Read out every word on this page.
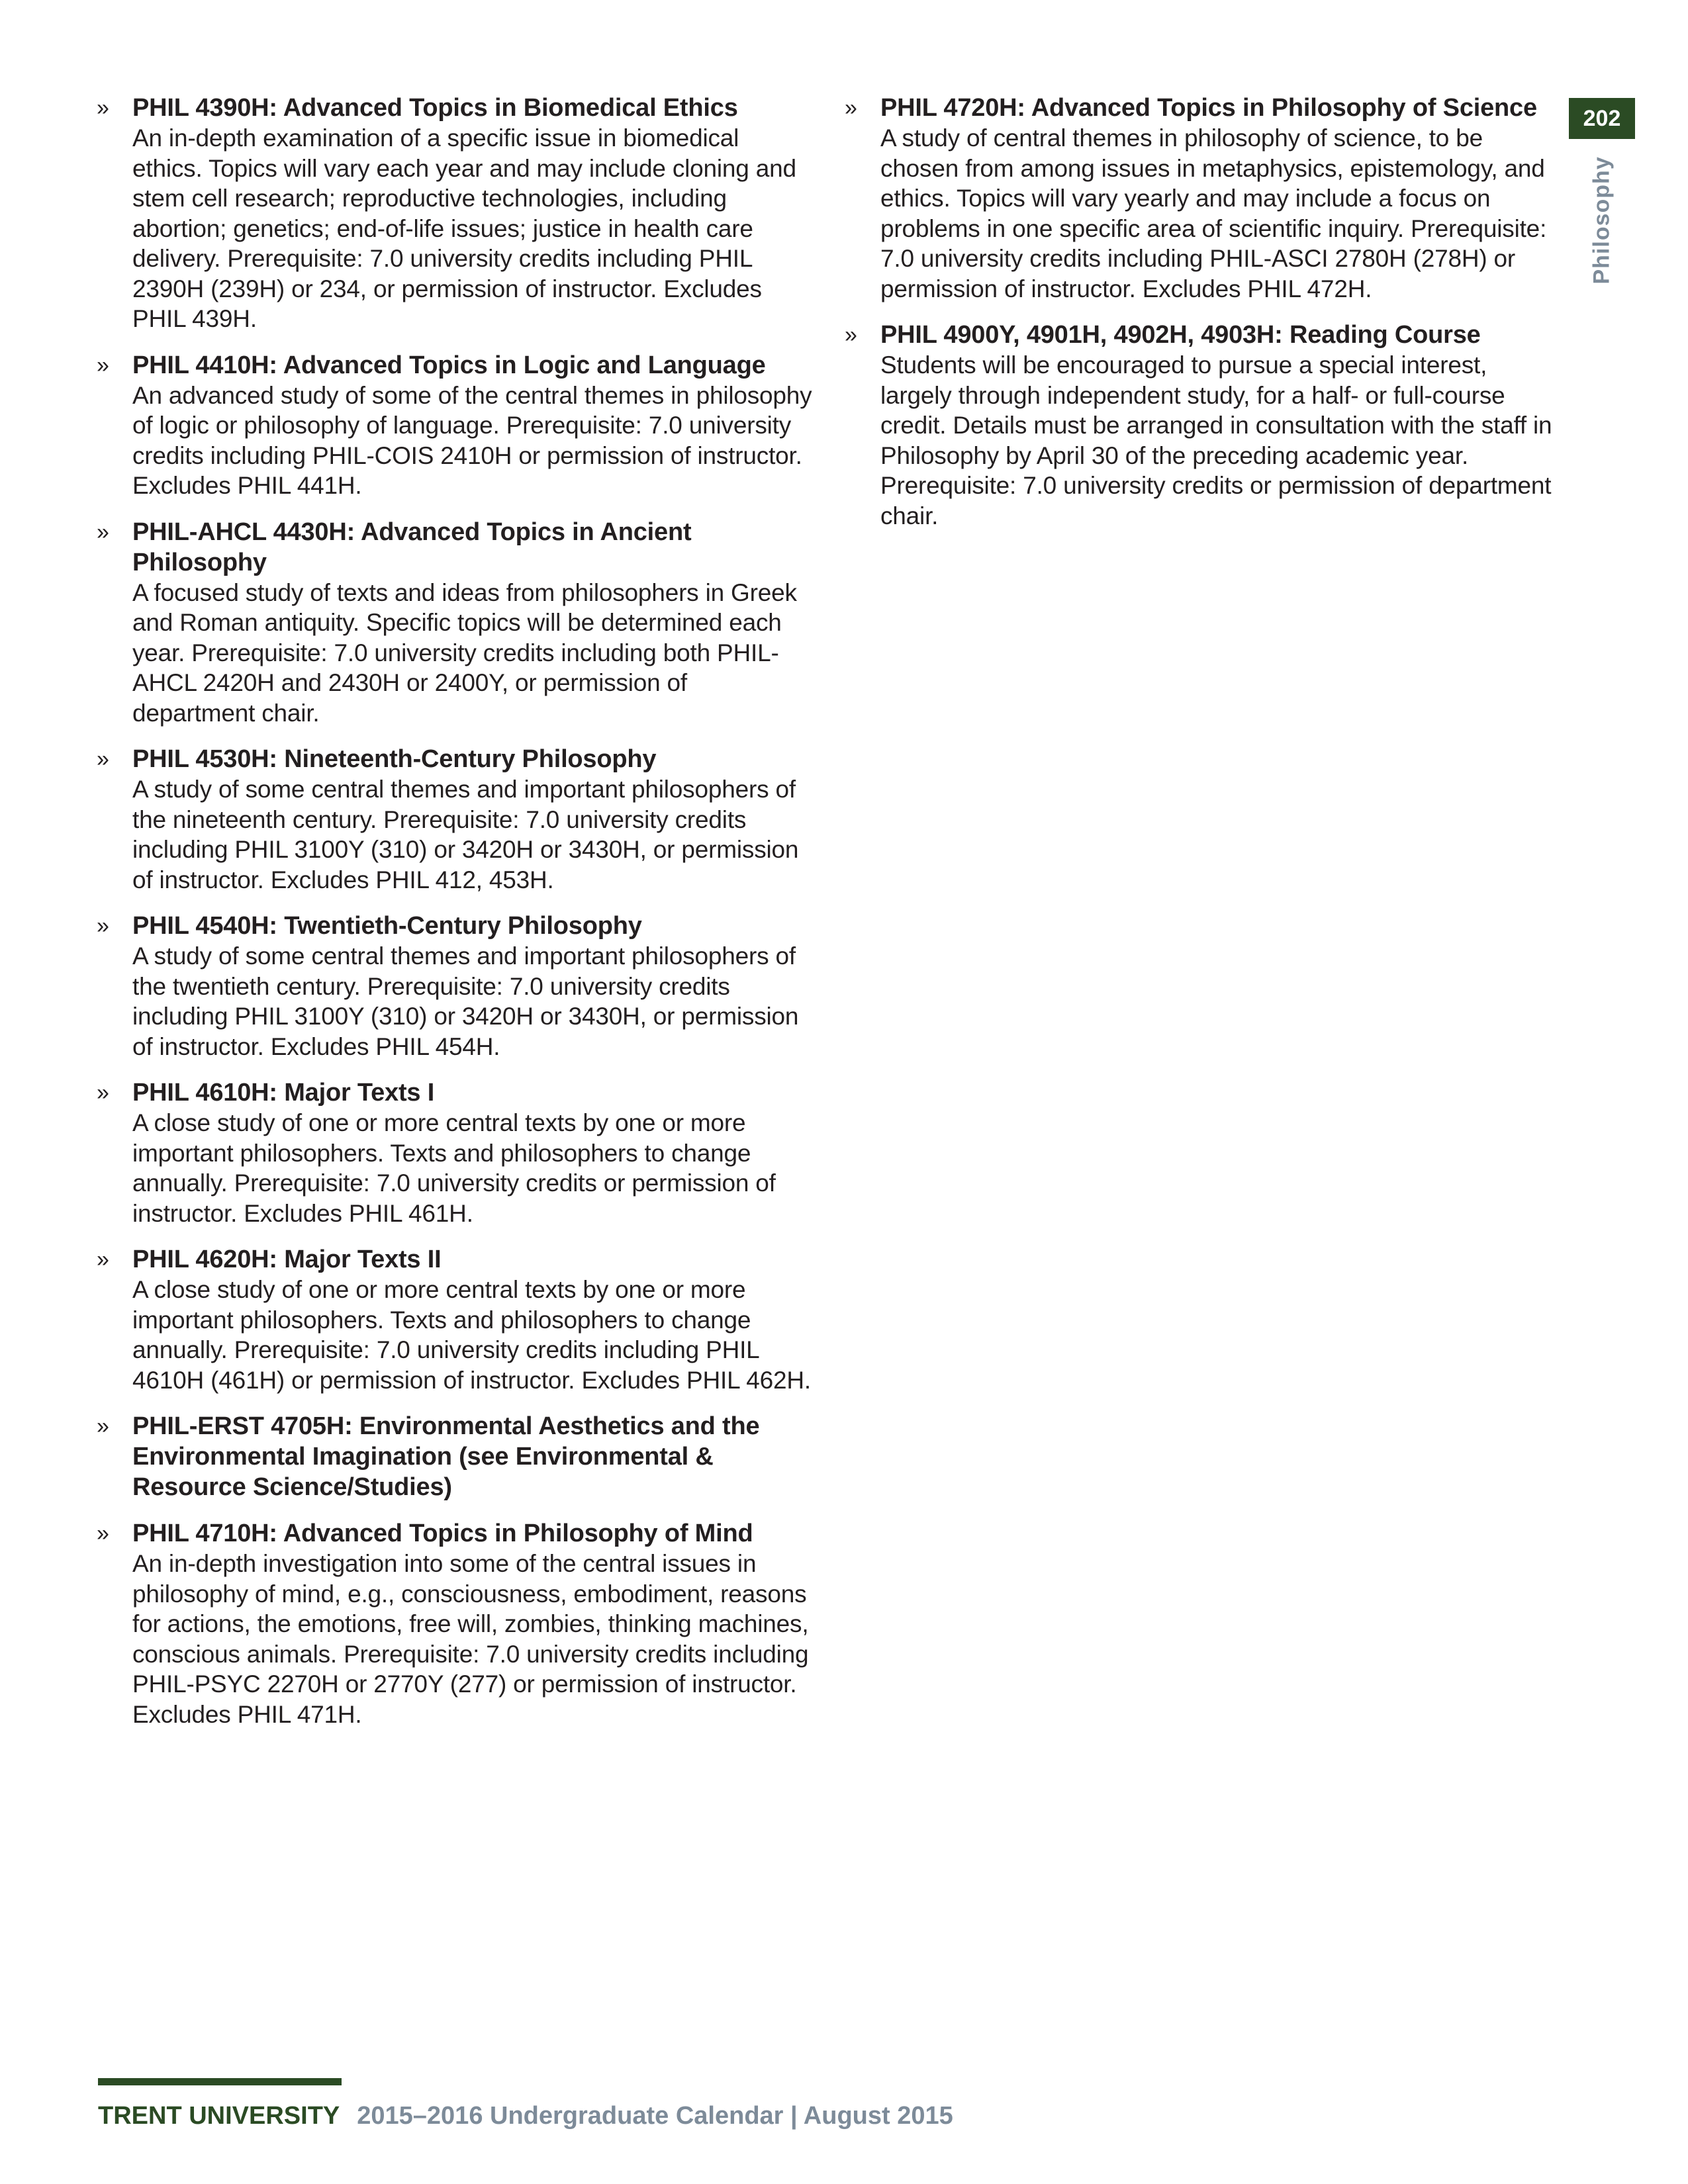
202
Philosophy
» PHIL 4390H: Advanced Topics in Biomedical Ethics
An in-depth examination of a specific issue in biomedical ethics. Topics will vary each year and may include cloning and stem cell research; reproductive technologies, including abortion; genetics; end-of-life issues; justice in health care delivery. Prerequisite: 7.0 university credits including PHIL 2390H (239H) or 234, or permission of instructor. Excludes PHIL 439H.
» PHIL 4410H: Advanced Topics in Logic and Language
An advanced study of some of the central themes in philosophy of logic or philosophy of language. Prerequisite: 7.0 university credits including PHIL-COIS 2410H or permission of instructor. Excludes PHIL 441H.
» PHIL-AHCL 4430H: Advanced Topics in Ancient Philosophy
A focused study of texts and ideas from philosophers in Greek and Roman antiquity. Specific topics will be determined each year. Prerequisite: 7.0 university credits including both PHIL-AHCL 2420H and 2430H or 2400Y, or permission of department chair.
» PHIL 4530H: Nineteenth-Century Philosophy
A study of some central themes and important philosophers of the nineteenth century. Prerequisite: 7.0 university credits including PHIL 3100Y (310) or 3420H or 3430H, or permission of instructor. Excludes PHIL 412, 453H.
» PHIL 4540H: Twentieth-Century Philosophy
A study of some central themes and important philosophers of the twentieth century. Prerequisite: 7.0 university credits including PHIL 3100Y (310) or 3420H or 3430H, or permission of instructor. Excludes PHIL 454H.
» PHIL 4610H: Major Texts I
A close study of one or more central texts by one or more important philosophers. Texts and philosophers to change annually. Prerequisite: 7.0 university credits or permission of instructor. Excludes PHIL 461H.
» PHIL 4620H: Major Texts II
A close study of one or more central texts by one or more important philosophers. Texts and philosophers to change annually. Prerequisite: 7.0 university credits including PHIL 4610H (461H) or permission of instructor. Excludes PHIL 462H.
» PHIL-ERST 4705H: Environmental Aesthetics and the Environmental Imagination (see Environmental & Resource Science/Studies)
» PHIL 4710H: Advanced Topics in Philosophy of Mind
An in-depth investigation into some of the central issues in philosophy of mind, e.g., consciousness, embodiment, reasons for actions, the emotions, free will, zombies, thinking machines, conscious animals. Prerequisite: 7.0 university credits including PHIL-PSYC 2270H or 2770Y (277) or permission of instructor. Excludes PHIL 471H.
» PHIL 4720H: Advanced Topics in Philosophy of Science
A study of central themes in philosophy of science, to be chosen from among issues in metaphysics, epistemology, and ethics. Topics will vary yearly and may include a focus on problems in one specific area of scientific inquiry. Prerequisite: 7.0 university credits including PHIL-ASCI 2780H (278H) or permission of instructor. Excludes PHIL 472H.
» PHIL 4900Y, 4901H, 4902H, 4903H: Reading Course
Students will be encouraged to pursue a special interest, largely through independent study, for a half- or full-course credit. Details must be arranged in consultation with the staff in Philosophy by April 30 of the preceding academic year. Prerequisite: 7.0 university credits or permission of department chair.
TRENT UNIVERSITY 2015–2016 Undergraduate Calendar | August 2015
